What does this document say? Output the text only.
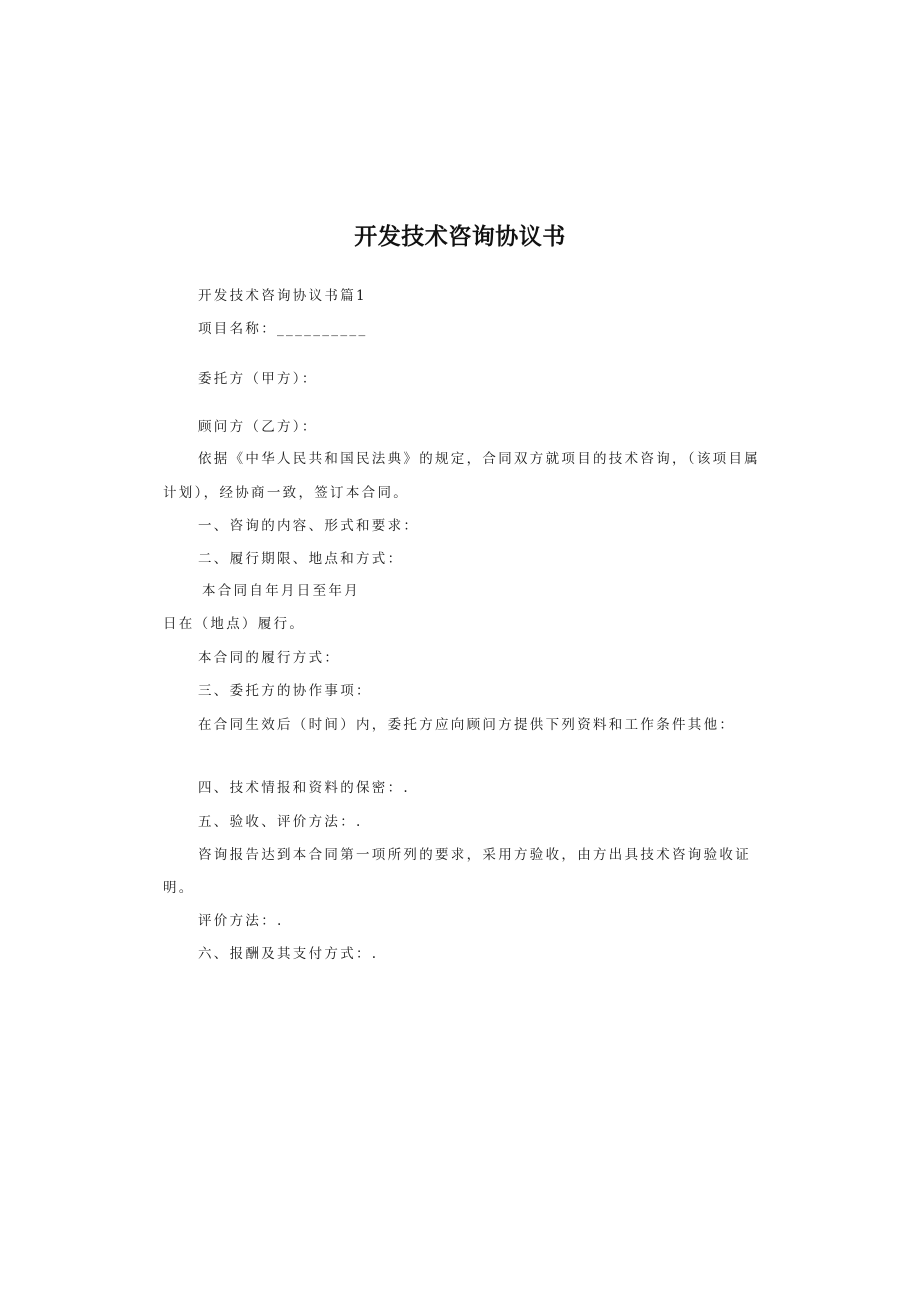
开发技术咨询协议书
开发技术咨询协议书篇1
项目名称：__________
委托方（甲方）：
顾问方（乙方）：
依据《中华人民共和国民法典》的规定，合同双方就项目的技术咨询，（该项目属
计划），经协商一致，签订本合同。
一、咨询的内容、形式和要求：
二、履行期限、地点和方式：
本合同自年月日至年月
日在（地点）履行。
本合同的履行方式：
三、委托方的协作事项：
在合同生效后（时间）内，委托方应向顾问方提供下列资料和工作条件其他：
四、技术情报和资料的保密：.
五、验收、评价方法：.
咨询报告达到本合同第一项所列的要求，采用方验收，由方出具技术咨询验收证
明。
评价方法：.
六、报酬及其支付方式：.
